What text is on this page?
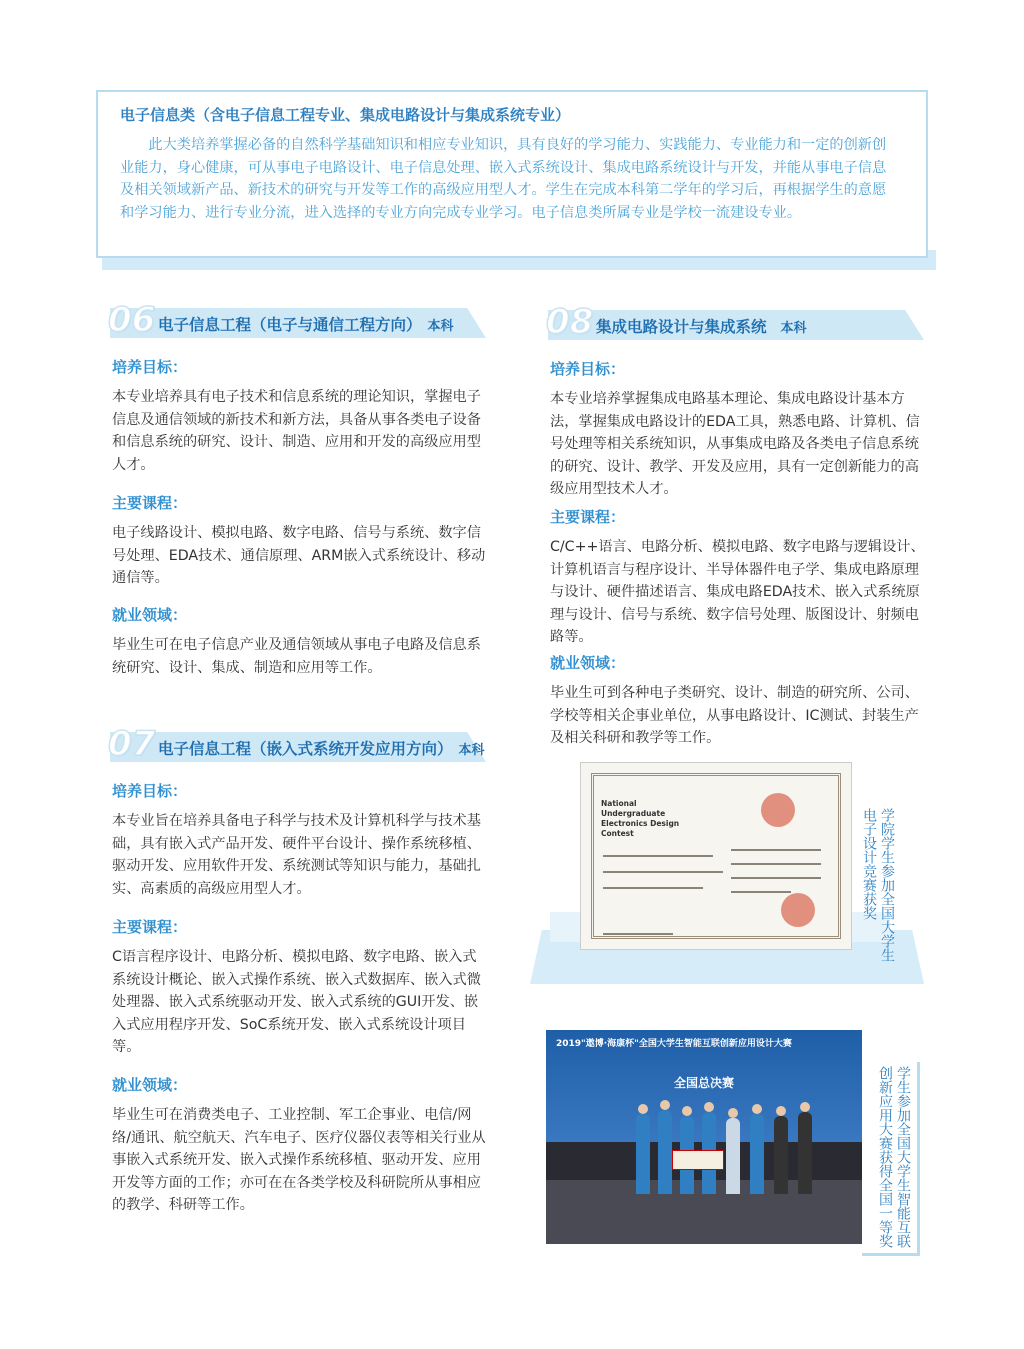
电子信息类（含电子信息工程专业、集成电路设计与集成系统专业）

此大类培养掌握必备的自然科学基础知识和相应专业知识，具有良好的学习能力、实践能力、专业能力和一定的创新创业能力，身心健康，可从事电子电路设计、电子信息处理、嵌入式系统设计、集成电路系统设计与开发，并能从事电子信息及相关领域新产品、新技术的研究与开发等工作的高级应用型人才。学生在完成本科第二学年的学习后，再根据学生的意愿和学习能力、进行专业分流，进入选择的专业方向完成专业学习。电子信息类所属专业是学校一流建设专业。

06 电子信息工程（电子与通信工程方向） 本科
培养目标：

本专业培养具有电子技术和信息系统的理论知识，掌握电子信息及通信领域的新技术和新方法，具备从事各类电子设备和信息系统的研究、设计、制造、应用和开发的高级应用型人才。

主要课程：

电子线路设计、模拟电路、数字电路、信号与系统、数字信号处理、EDA技术、通信原理、ARM嵌入式系统设计、移动通信等。

就业领域：

毕业生可在电子信息产业及通信领域从事电子电路及信息系统研究、设计、集成、制造和应用等工作。

07 电子信息工程（嵌入式系统开发应用方向） 本科
培养目标：

本专业旨在培养具备电子科学与技术及计算机科学与技术基础，具有嵌入式产品开发、硬件平台设计、操作系统移植、驱动开发、应用软件开发、系统测试等知识与能力，基础扎实、高素质的高级应用型人才。

主要课程：

C语言程序设计、电路分析、模拟电路、数字电路、嵌入式系统设计概论、嵌入式操作系统、嵌入式数据库、嵌入式微处理器、嵌入式系统驱动开发、嵌入式系统的GUI开发、嵌入式应用程序开发、SoC系统开发、嵌入式系统设计项目等。

就业领域：

毕业生可在消费类电子、工业控制、军工企事业、电信/网络/通讯、航空航天、汽车电子、医疗仪器仪表等相关行业从事嵌入式系统开发、嵌入式操作系统移植、驱动开发、应用开发等方面的工作；亦可在在各类学校及科研院所从事相应的教学、科研等工作。

08 集成电路设计与集成系统 本科
培养目标：

本专业培养掌握集成电路基本理论、集成电路设计基本方法，掌握集成电路设计的EDA工具，熟悉电路、计算机、信号处理等相关系统知识，从事集成电路及各类电子信息系统的研究、设计、教学、开发及应用，具有一定创新能力的高级应用型技术人才。

主要课程：

C/C++语言、电路分析、模拟电路、数字电路与逻辑设计、计算机语言与程序设计、半导体器件电子学、集成电路原理与设计、硬件描述语言、集成电路EDA技术、嵌入式系统原理与设计、信号与系统、数字信号处理、版图设计、射频电路等。

就业领域：

毕业生可到各种电子类研究、设计、制造的研究所、公司、学校等相关企事业单位，从事电路设计、IC测试、封装生产及相关科研和教学等工作。

National Undergraduate Electronics Design Contest	学院学生参加全国大学生电子设计竞赛获奖
2019"遨博·海康杯"全国大学生智能互联创新应用设计大赛
全国总决赛	学生参加全国大学生智能互联创新应用大赛获得全国一等奖
